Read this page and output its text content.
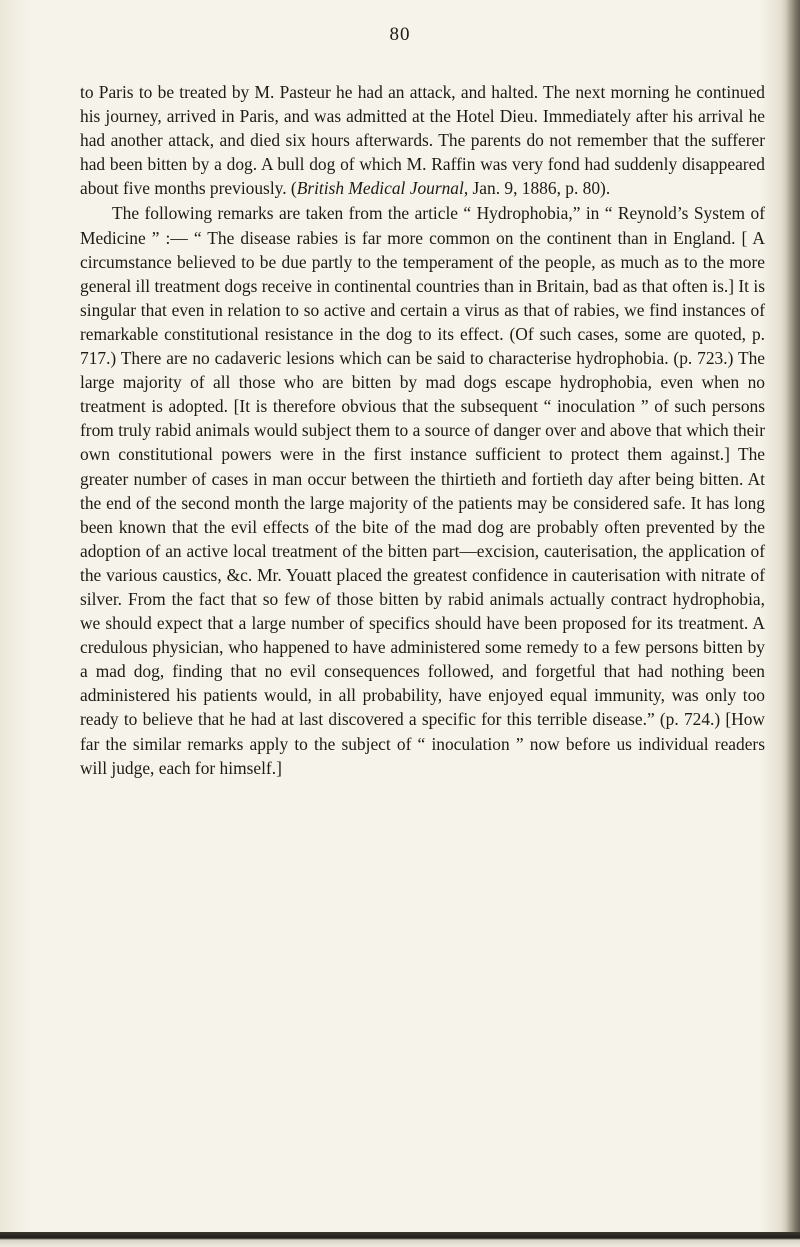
80

to Paris to be treated by M. Pasteur he had an attack, and halted. The next morning he continued his journey, arrived in Paris, and was admitted at the Hotel Dieu. Immediately after his arrival he had another attack, and died six hours afterwards. The parents do not remember that the sufferer had been bitten by a dog. A bull dog of which M. Raffin was very fond had suddenly disappeared about five months previously. (British Medical Journal, Jan. 9, 1886, p. 80).

The following remarks are taken from the article “ Hydrophobia,” in “ Reynold’s System of Medicine ” :— “ The disease rabies is far more common on the continent than in England. [ A circumstance believed to be due partly to the temperament of the people, as much as to the more general ill treatment dogs receive in continental countries than in Britain, bad as that often is.] It is singular that even in relation to so active and certain a virus as that of rabies, we find instances of remarkable constitutional resistance in the dog to its effect. (Of such cases, some are quoted, p. 717.) There are no cadaveric lesions which can be said to characterise hydrophobia. (p. 723.) The large majority of all those who are bitten by mad dogs escape hydrophobia, even when no treatment is adopted. [It is therefore obvious that the subsequent “ inoculation ” of such persons from truly rabid animals would subject them to a source of danger over and above that which their own constitutional powers were in the first instance sufficient to protect them against.] The greater number of cases in man occur between the thirtieth and fortieth day after being bitten. At the end of the second month the large majority of the patients may be considered safe. It has long been known that the evil effects of the bite of the mad dog are probably often prevented by the adoption of an active local treatment of the bitten part—excision, cauterisation, the application of the various caustics, &c. Mr. Youatt placed the greatest confidence in cauterisation with nitrate of silver. From the fact that so few of those bitten by rabid animals actually contract hydrophobia, we should expect that a large number of specifics should have been proposed for its treatment. A credulous physician, who happened to have administered some remedy to a few persons bitten by a mad dog, finding that no evil consequences followed, and forgetful that had nothing been administered his patients would, in all probability, have enjoyed equal immunity, was only too ready to believe that he had at last discovered a specific for this terrible disease.” (p. 724.) [How far the similar remarks apply to the subject of “ inoculation ” now before us individual readers will judge, each for himself.]
